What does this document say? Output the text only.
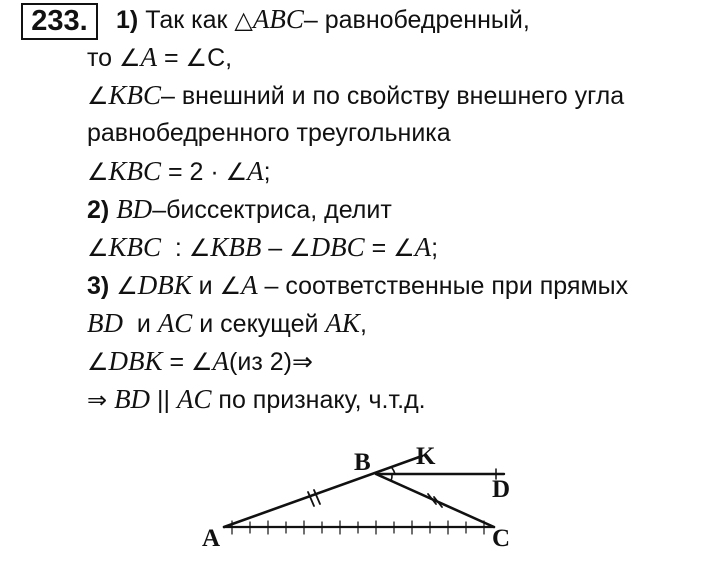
233.	1) Так как △ABC– равнобедренный,
то ∠A = ∠C,
∠KBC– внешний и по свойству внешнего угла
равнобедренного треугольника
∠KBC = 2 · ∠A;
2) BD–биссектриса, делит
∠KBC  : ∠KBB – ∠DBC = ∠A;
3) ∠DBK и ∠A – соответственные при прямых
BD  и AC и секущей AK,
∠DBK = ∠A(из 2)⇒
⇒ BD || AC по признаку, ч.т.д.
A
B
C
D
K
